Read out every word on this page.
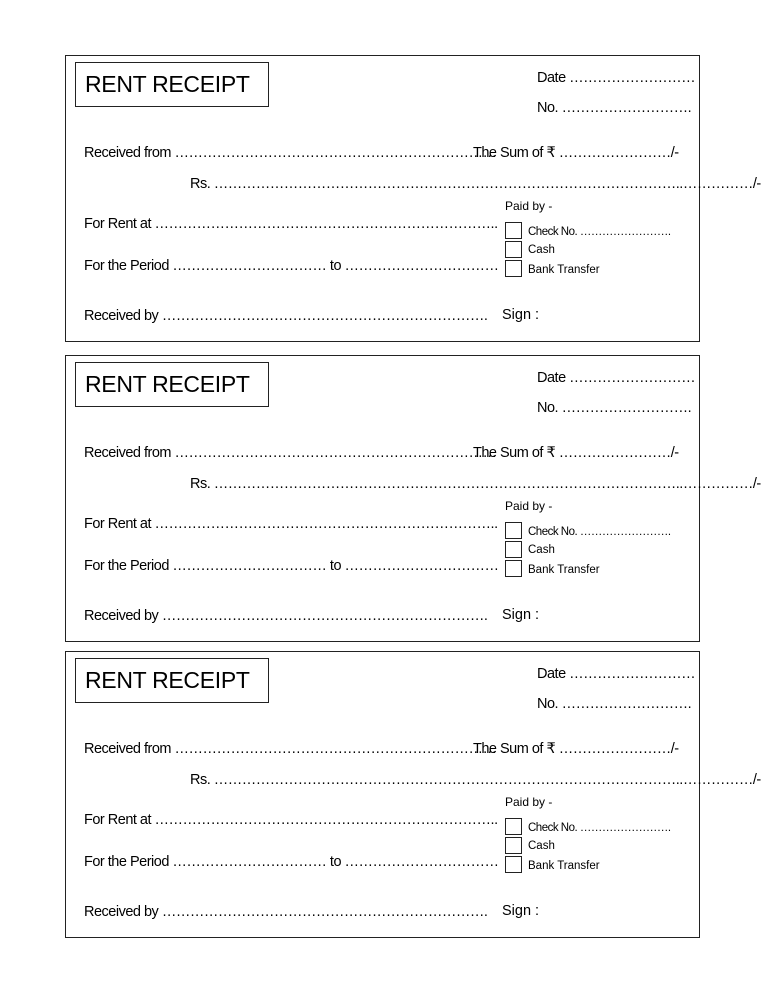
RENT RECEIPT	Date ………………………
No. ……………………….
Received from ……………………………………………………………
The Sum of ₹ ……………………/-
Rs. ………………………………………………………………………………………..……………/-
Paid by -
For Rent at ………………………………………………………………..	Check No. …………………….
Cash
Bank Transfer
For the Period …………………………… to ……………………………
Received by ……………………………………………………………. Sign :
RENT RECEIPT	Date ………………………
No. ……………………….
Received from ……………………………………………………………
The Sum of ₹ ……………………/-
Rs. ………………………………………………………………………………………..……………/-
Paid by -
For Rent at ………………………………………………………………..	Check No. …………………….
Cash
Bank Transfer
For the Period …………………………… to ……………………………
Received by ……………………………………………………………. Sign :
RENT RECEIPT	Date ………………………
No. ……………………….
Received from ……………………………………………………………
The Sum of ₹ ……………………/-
Rs. ………………………………………………………………………………………..……………/-
Paid by -
For Rent at ………………………………………………………………..	Check No. …………………….
Cash
Bank Transfer
For the Period …………………………… to ……………………………
Received by ……………………………………………………………. Sign :
